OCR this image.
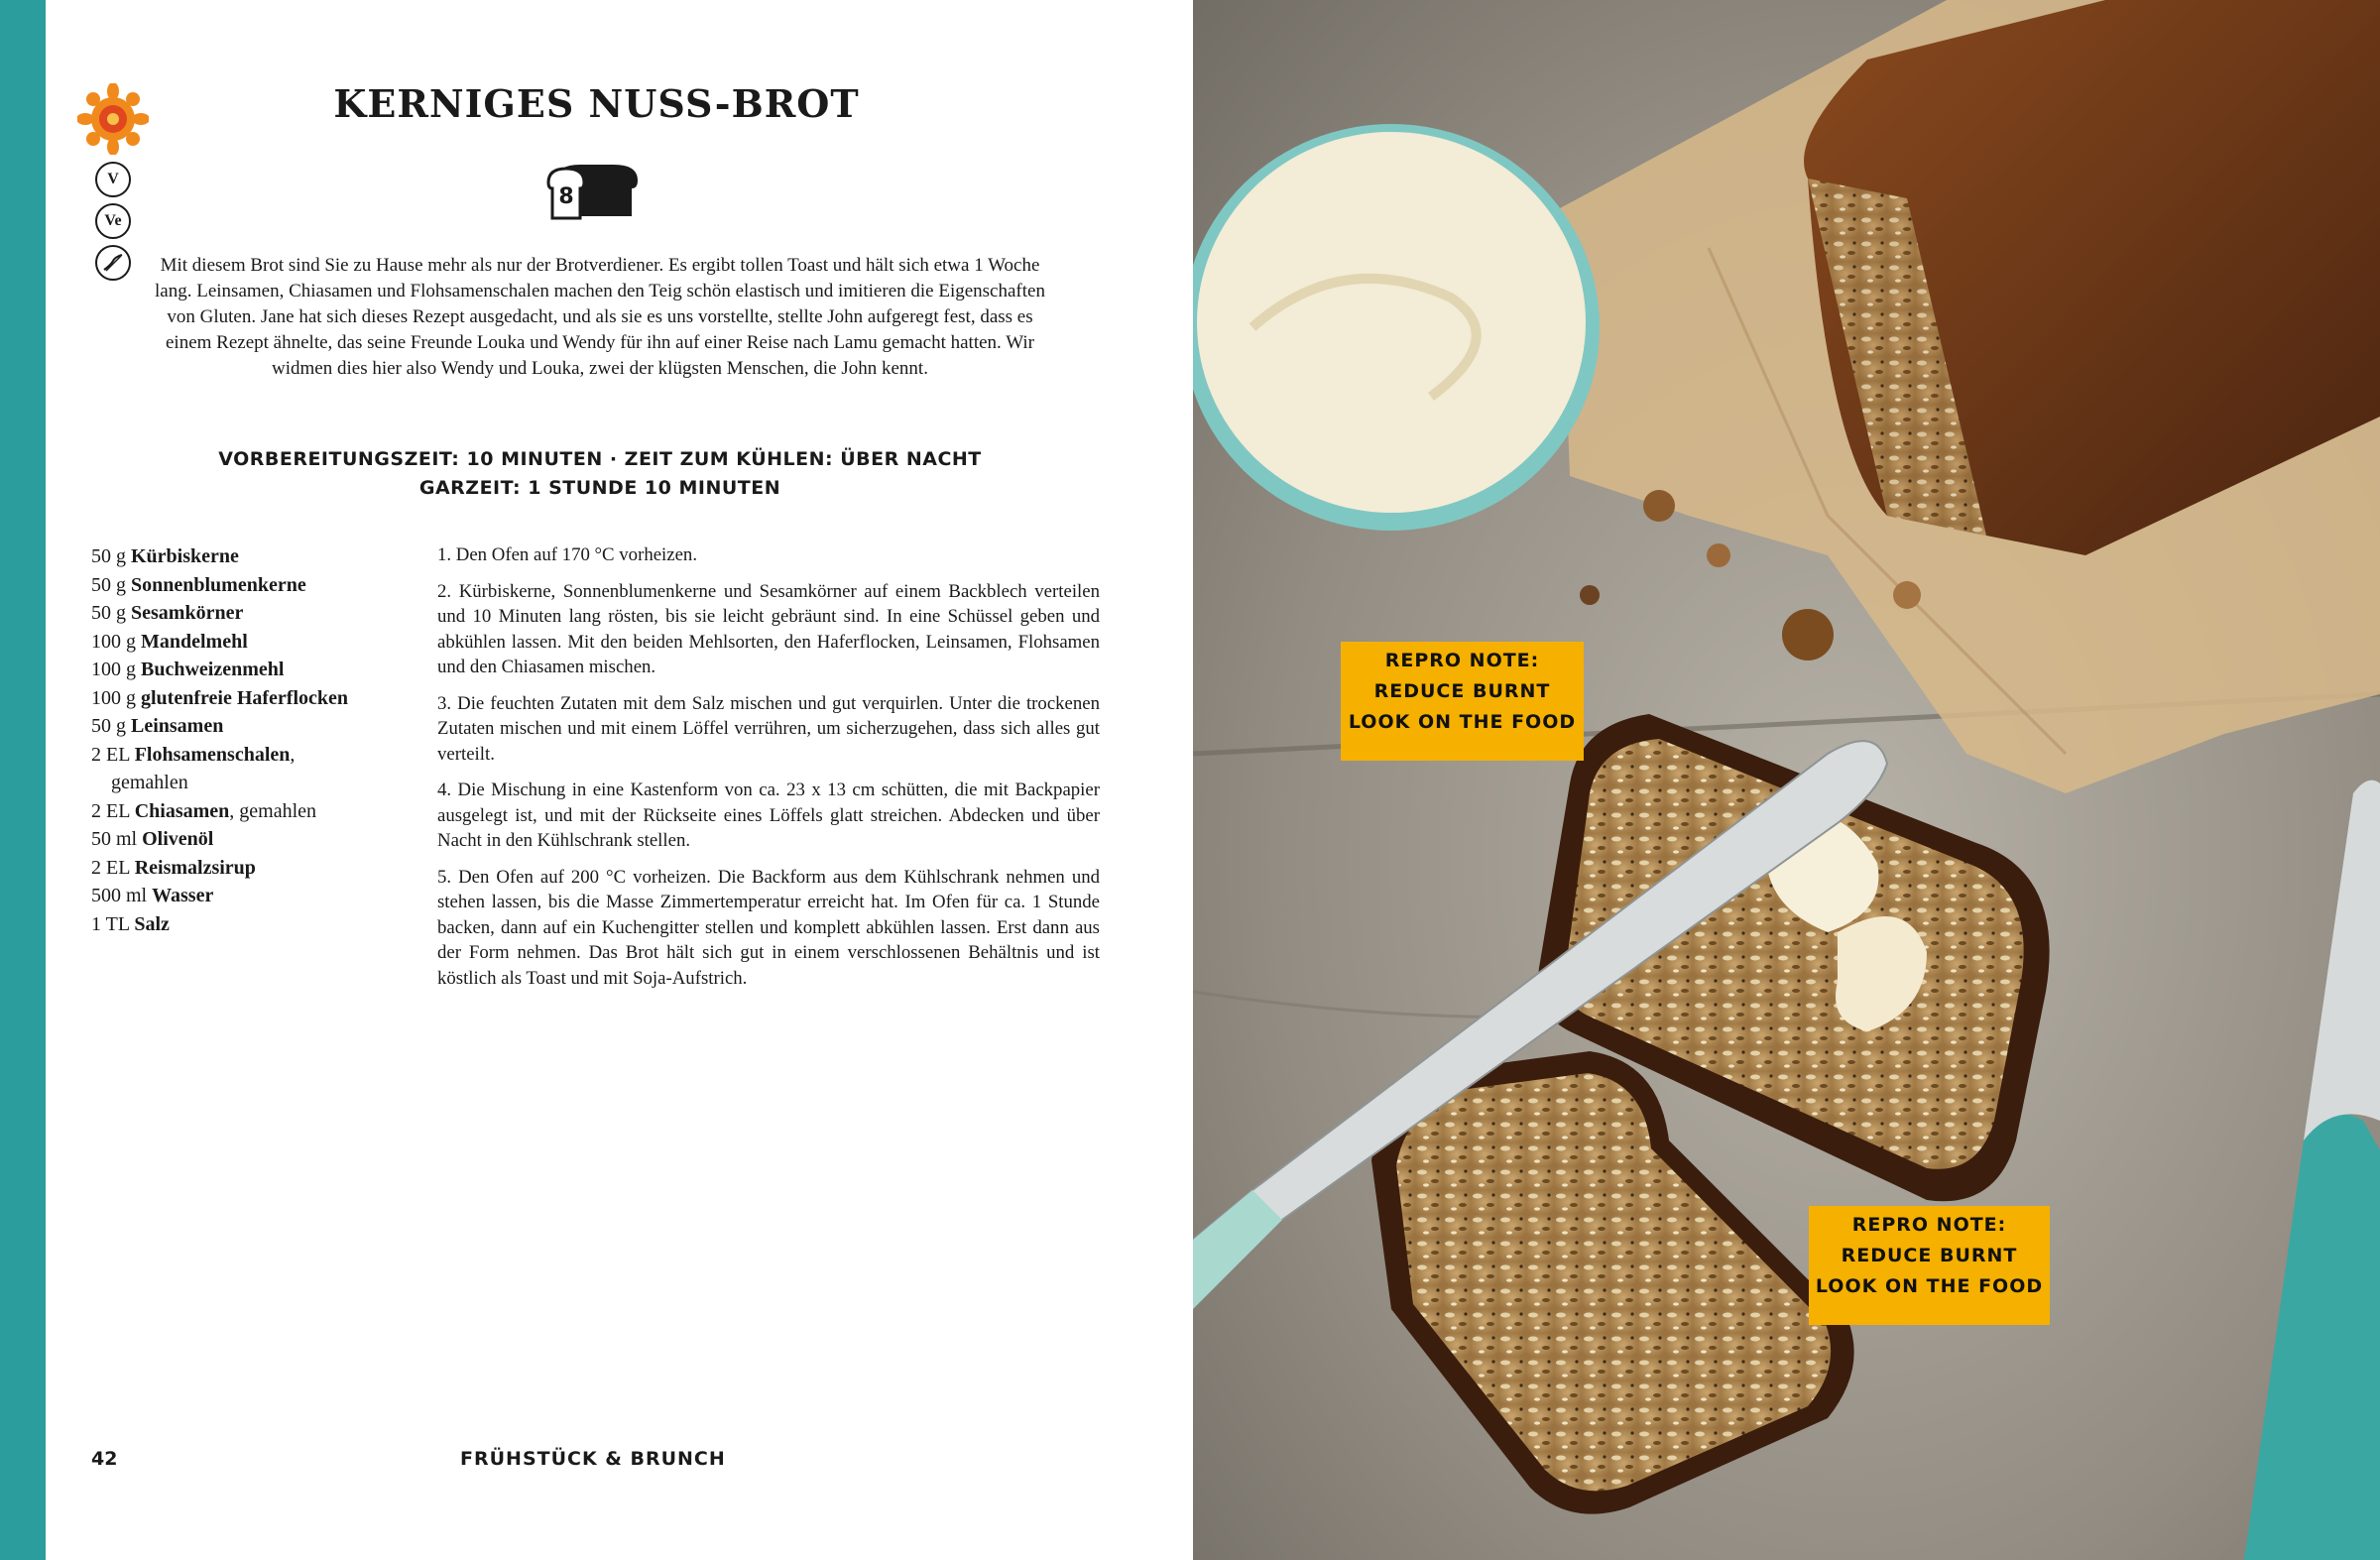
V
Ve
KERNIGES NUSS-BROT
8
Mit diesem Brot sind Sie zu Hause mehr als nur der Brotverdiener. Es ergibt tollen Toast und hält sich etwa 1 Woche lang. Leinsamen, Chiasamen und Flohsamenschalen machen den Teig schön elastisch und imitieren die Eigenschaften von Gluten. Jane hat sich dieses Rezept ausgedacht, und als sie es uns vorstellte, stellte John aufgeregt fest, dass es einem Rezept ähnelte, das seine Freunde Louka und Wendy für ihn auf einer Reise nach Lamu gemacht hatten. Wir widmen dies hier also Wendy und Louka, zwei der klügsten Menschen, die John kennt.
VORBEREITUNGSZEIT: 10 MINUTEN · ZEIT ZUM KÜHLEN: ÜBER NACHT
GARZEIT: 1 STUNDE 10 MINUTEN
50 g Kürbiskerne
50 g Sonnenblumenkerne
50 g Sesamkörner
100 g Mandelmehl
100 g Buchweizenmehl
100 g glutenfreie Haferflocken
50 g Leinsamen
2 EL Flohsamenschalen,
gemahlen
2 EL Chiasamen, gemahlen
50 ml Olivenöl
2 EL Reismalzsirup
500 ml Wasser
1 TL Salz

1. Den Ofen auf 170 °C vorheizen.

2. Kürbiskerne, Sonnenblumenkerne und Sesamkörner auf einem Backblech verteilen und 10 Minuten lang rösten, bis sie leicht gebräunt sind. In eine Schüssel geben und abkühlen lassen. Mit den beiden Mehlsorten, den Haferflocken, Leinsamen, Flohsamen und den Chiasamen mischen.

3. Die feuchten Zutaten mit dem Salz mischen und gut verquirlen. Unter die trockenen Zutaten mischen und mit einem Löffel verrühren, um sicherzugehen, dass sich alles gut verteilt.

4. Die Mischung in eine Kastenform von ca. 23 x 13 cm schütten, die mit Backpapier ausgelegt ist, und mit der Rückseite eines Löffels glatt streichen. Abdecken und über Nacht in den Kühlschrank stellen.

5. Den Ofen auf 200 °C vorheizen. Die Backform aus dem Kühlschrank nehmen und stehen lassen, bis die Masse Zimmertemperatur erreicht hat. Im Ofen für ca. 1 Stunde backen, dann auf ein Kuchengitter stellen und komplett abkühlen lassen. Erst dann aus der Form nehmen. Das Brot hält sich gut in einem verschlossenen Behältnis und ist köstlich als Toast und mit Soja-Aufstrich.

42	FRÜHSTÜCK & BRUNCH
REPRO NOTE:
REDUCE BURNT
LOOK ON THE FOOD
REPRO NOTE:
REDUCE BURNT
LOOK ON THE FOOD
